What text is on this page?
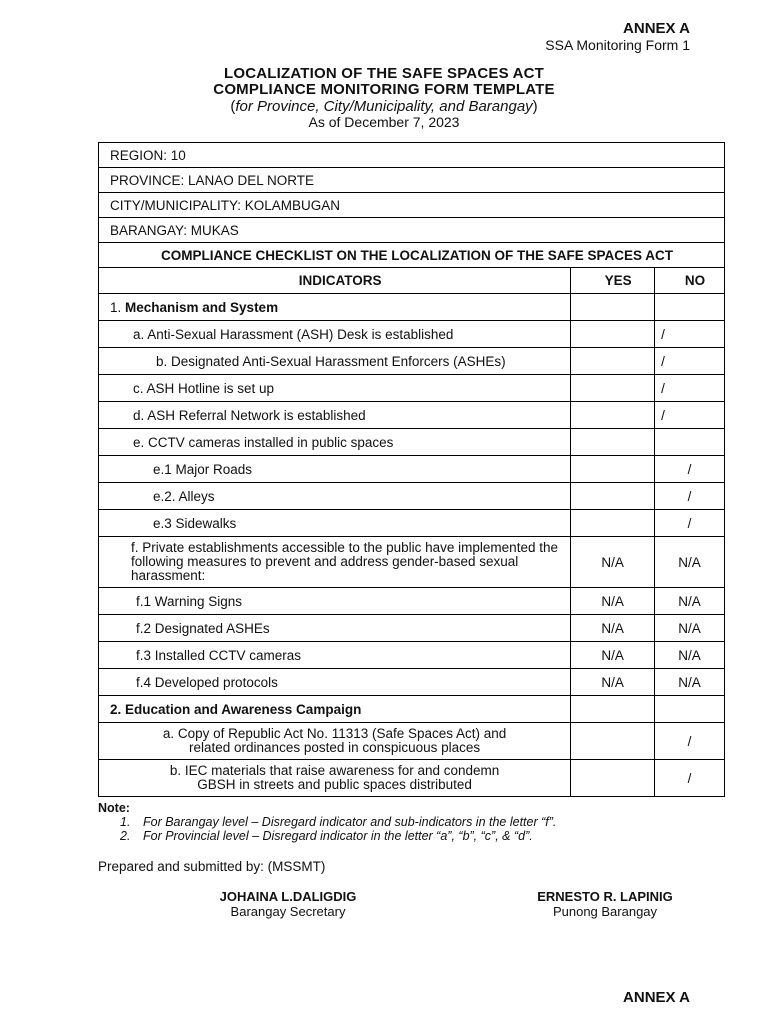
ANNEX A
SSA Monitoring Form 1
LOCALIZATION OF THE SAFE SPACES ACT
COMPLIANCE MONITORING FORM TEMPLATE
(for Province, City/Municipality, and Barangay)
As of December 7, 2023
REGION: 10		
PROVINCE: LANAO DEL NORTE		
CITY/MUNICIPALITY: KOLAMBUGAN		
BARANGAY: MUKAS		
COMPLIANCE CHECKLIST ON THE LOCALIZATION OF THE SAFE SPACES ACT		
INDICATORS	YES	NO
1. Mechanism and System		
a. Anti-Sexual Harassment (ASH) Desk is established		/
b. Designated Anti-Sexual Harassment Enforcers (ASHEs)		/
c. ASH Hotline is set up		/
d. ASH Referral Network is established		/
e. CCTV cameras installed in public spaces		
e.1 Major Roads		/
e.2. Alleys		/
e.3 Sidewalks		/
f. Private establishments accessible to the public have implemented the following measures to prevent and address gender-based sexual harassment:	N/A	N/A
f.1 Warning Signs	N/A	N/A
f.2 Designated ASHEs	N/A	N/A
f.3 Installed CCTV cameras	N/A	N/A
f.4 Developed protocols	N/A	N/A
2. Education and Awareness Campaign		

a. Copy of Republic Act No. 11313 (Safe Spaces Act) and
related ordinances posted in conspicuous places		/

b. IEC materials that raise awareness for and condemn
GBSH in streets and public spaces distributed		/
Note:
1. For Barangay level – Disregard indicator and sub-indicators in the letter “f”.
2. For Provincial level – Disregard indicator in the letter “a”, “b”, “c”, & “d”.
Prepared and submitted by: (MSSMT)
JOHAINA L.DALIGDIG
Barangay Secretary
ERNESTO R. LAPINIG
Punong Barangay
ANNEX A
